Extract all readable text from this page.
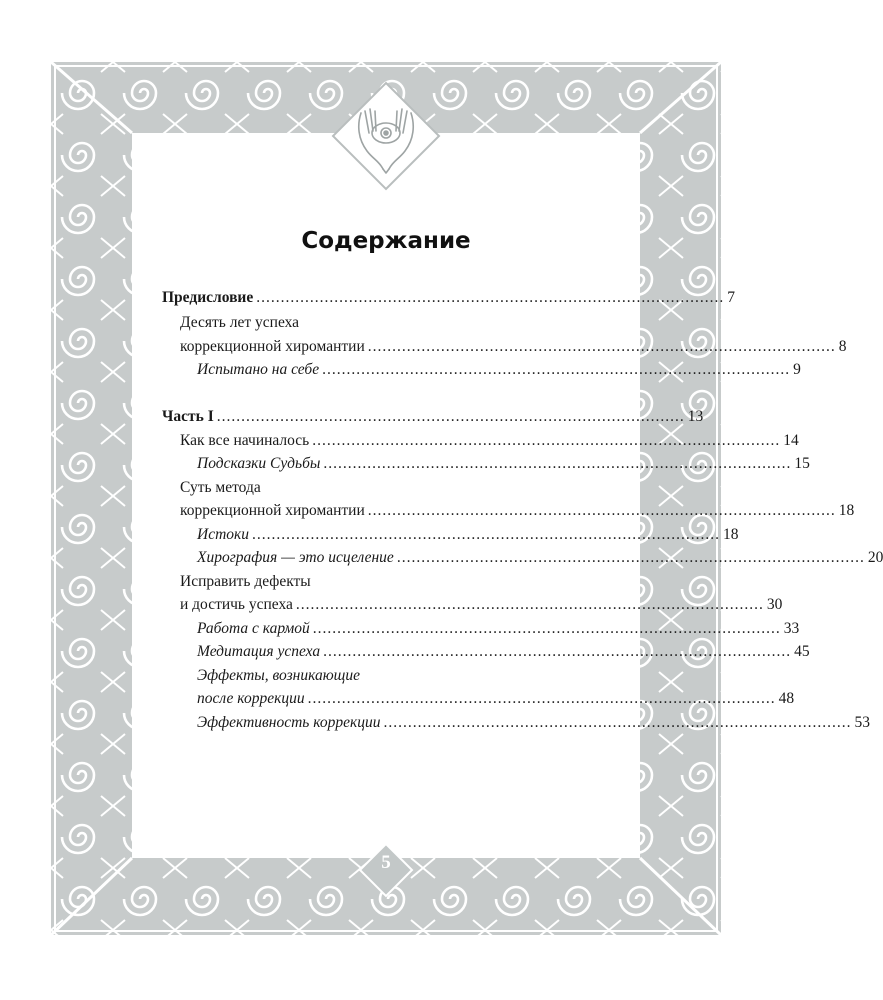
5
Содержание
Предисловие ................................................................................................ 7
Десять лет успеха
коррекционной хиромантии ................................................................................................ 8
Испытано на себе ................................................................................................ 9
Часть I ................................................................................................ 13
Как все начиналось ................................................................................................ 14
Подсказки Судьбы ................................................................................................ 15
Суть метода
коррекционной хиромантии ................................................................................................ 18
Истоки ................................................................................................ 18
Хирография — это исцеление ................................................................................................ 20
Исправить дефекты
и достичь успеха ................................................................................................ 30
Работа с кармой ................................................................................................ 33
Медитация успеха ................................................................................................ 45
Эффекты, возникающие
после коррекции ................................................................................................ 48
Эффективность коррекции ................................................................................................ 53
